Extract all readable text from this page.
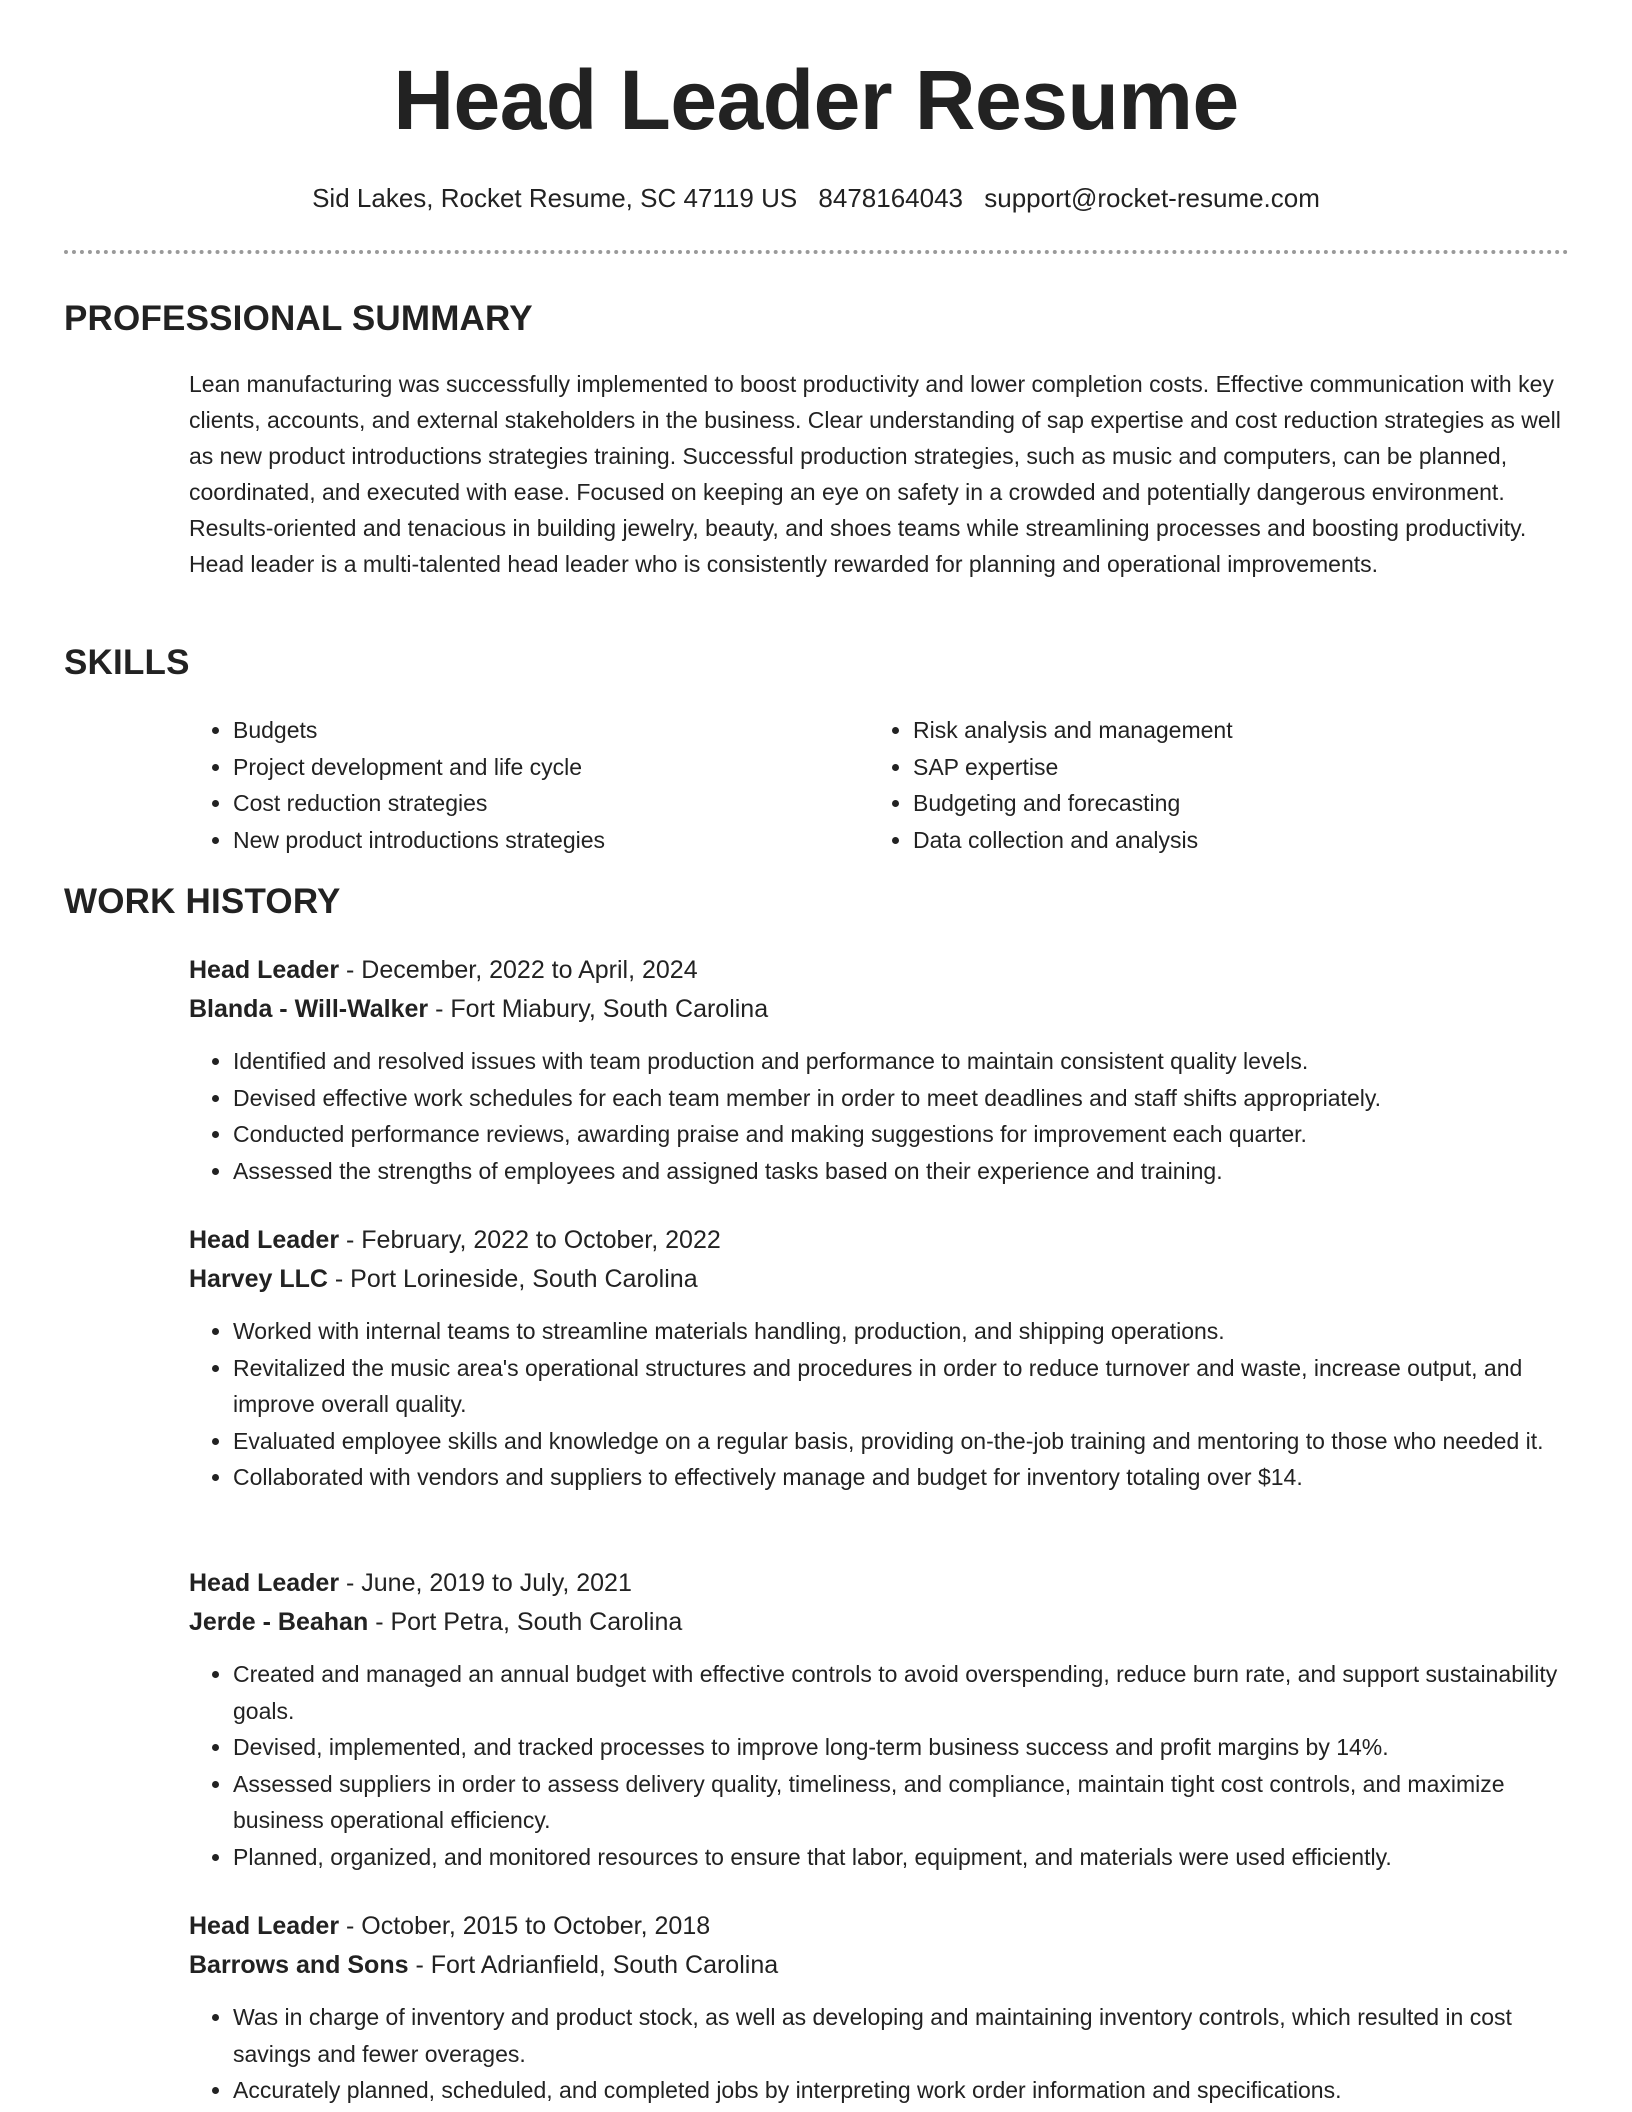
Head Leader Resume
Sid Lakes, Rocket Resume, SC 47119 US 8478164043 support@rocket-resume.com
PROFESSIONAL SUMMARY
Lean manufacturing was successfully implemented to boost productivity and lower completion costs. Effective communication with key clients, accounts, and external stakeholders in the business. Clear understanding of sap expertise and cost reduction strategies as well as new product introductions strategies training. Successful production strategies, such as music and computers, can be planned, coordinated, and executed with ease. Focused on keeping an eye on safety in a crowded and potentially dangerous environment. Results-oriented and tenacious in building jewelry, beauty, and shoes teams while streamlining processes and boosting productivity. Head leader is a multi-talented head leader who is consistently rewarded for planning and operational improvements.
SKILLS
• Budgets
• Project development and life cycle
• Cost reduction strategies
• New product introductions strategies
• Risk analysis and management
• SAP expertise
• Budgeting and forecasting
• Data collection and analysis
WORK HISTORY
Head Leader - December, 2022 to April, 2024
Blanda - Will-Walker - Fort Miabury, South Carolina
• Identified and resolved issues with team production and performance to maintain consistent quality levels.
• Devised effective work schedules for each team member in order to meet deadlines and staff shifts appropriately.
• Conducted performance reviews, awarding praise and making suggestions for improvement each quarter.
• Assessed the strengths of employees and assigned tasks based on their experience and training.
Head Leader - February, 2022 to October, 2022
Harvey LLC - Port Lorineside, South Carolina
• Worked with internal teams to streamline materials handling, production, and shipping operations.
• Revitalized the music area's operational structures and procedures in order to reduce turnover and waste, increase output, and improve overall quality.
• Evaluated employee skills and knowledge on a regular basis, providing on-the-job training and mentoring to those who needed it.
• Collaborated with vendors and suppliers to effectively manage and budget for inventory totaling over $14.
Head Leader - June, 2019 to July, 2021
Jerde - Beahan - Port Petra, South Carolina
• Created and managed an annual budget with effective controls to avoid overspending, reduce burn rate, and support sustainability goals.
• Devised, implemented, and tracked processes to improve long-term business success and profit margins by 14%.
• Assessed suppliers in order to assess delivery quality, timeliness, and compliance, maintain tight cost controls, and maximize business operational efficiency.
• Planned, organized, and monitored resources to ensure that labor, equipment, and materials were used efficiently.
Head Leader - October, 2015 to October, 2018
Barrows and Sons - Fort Adrianfield, South Carolina
• Was in charge of inventory and product stock, as well as developing and maintaining inventory controls, which resulted in cost savings and fewer overages.
• Accurately planned, scheduled, and completed jobs by interpreting work order information and specifications.
